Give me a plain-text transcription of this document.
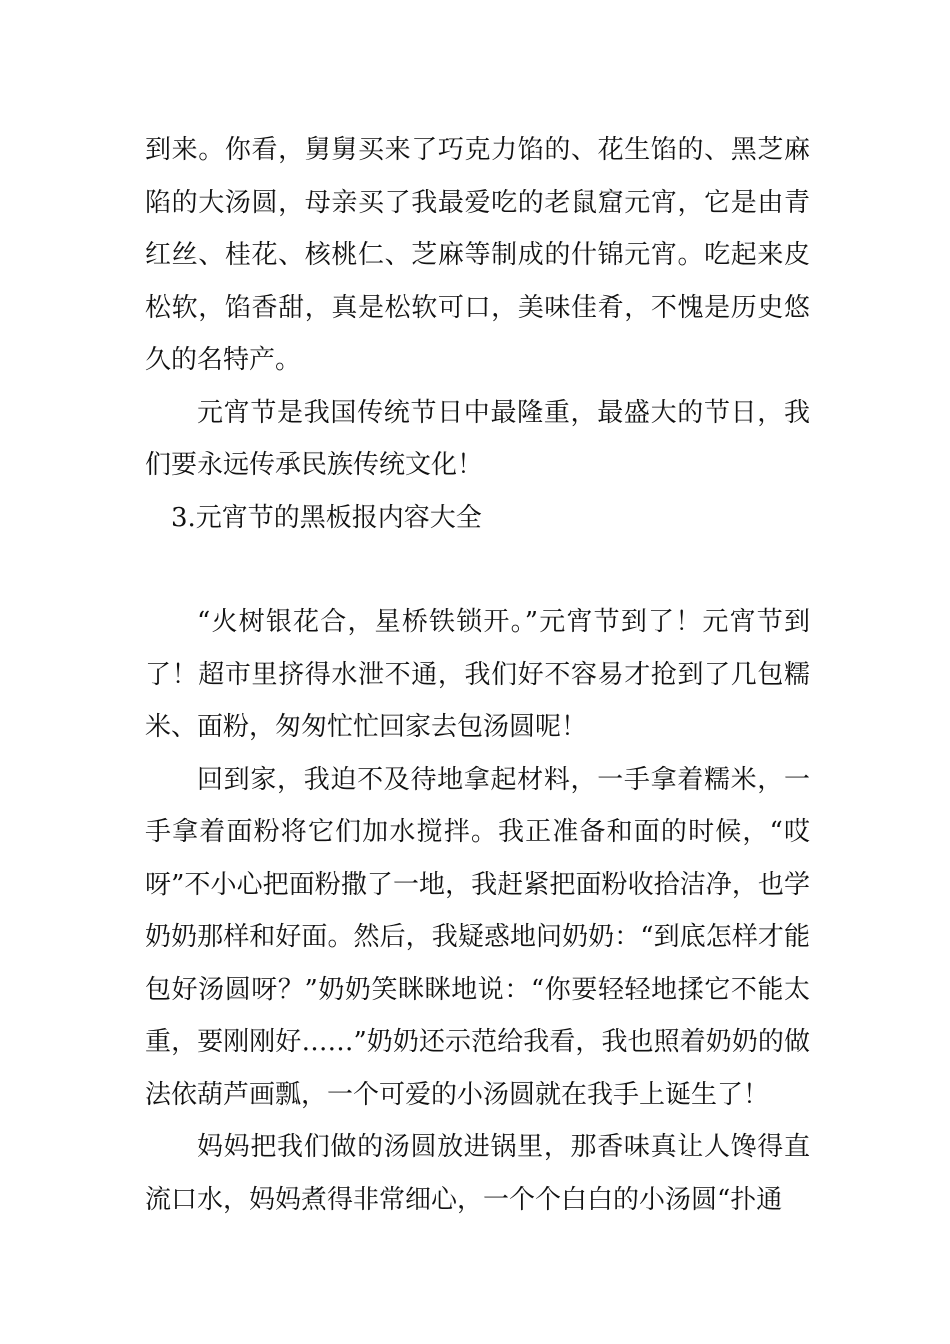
到来。你看，舅舅买来了巧克力馅的、花生馅的、黑芝麻陷的大汤圆，母亲买了我最爱吃的老鼠窟元宵，它是由青红丝、桂花、核桃仁、芝麻等制成的什锦元宵。吃起来皮松软，馅香甜，真是松软可口，美味佳肴，不愧是历史悠久的名特产。

元宵节是我国传统节日中最隆重，最盛大的节日，我们要永远传承民族传统文化！

3.元宵节的黑板报内容大全

“火树银花合，星桥铁锁开。”元宵节到了！元宵节到了！超市里挤得水泄不通，我们好不容易才抢到了几包糯米、面粉，匆匆忙忙回家去包汤圆呢！

回到家，我迫不及待地拿起材料，一手拿着糯米，一手拿着面粉将它们加水搅拌。我正准备和面的时候，“哎呀”不小心把面粉撒了一地，我赶紧把面粉收拾洁净，也学奶奶那样和好面。然后，我疑惑地问奶奶：“到底怎样才能包好汤圆呀？”奶奶笑眯眯地说：“你要轻轻地揉它不能太重，要刚刚好……”奶奶还示范给我看，我也照着奶奶的做法依葫芦画瓢，一个可爱的小汤圆就在我手上诞生了！

妈妈把我们做的汤圆放进锅里，那香味真让人馋得直流口水，妈妈煮得非常细心，一个个白白的小汤圆“扑通
